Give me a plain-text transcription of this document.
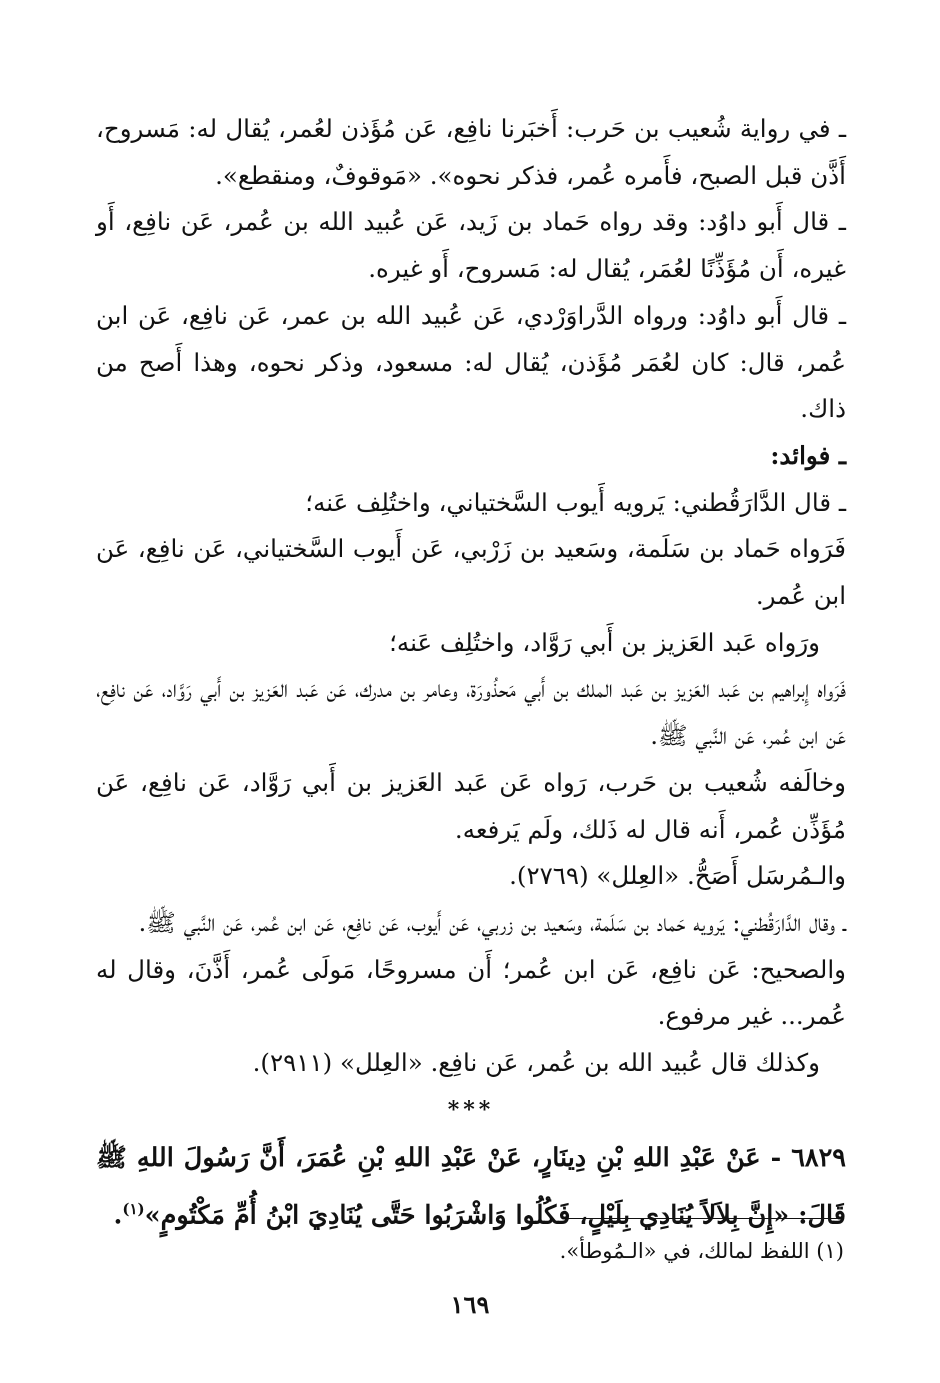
ـ في رواية شُعيب بن حَرب: أَخبَرنا نافِع، عَن مُؤَذن لعُمر، يُقال له: مَسروح، أَذَّن قبل الصبح، فأَمره عُمر، فذكر نحوه». «مَوقوفٌ، ومنقطع».

ـ قال أَبو داوُد: وقد رواه حَماد بن زَيد، عَن عُبيد الله بن عُمر، عَن نافِع، أَو غيره، أَن مُؤَذِّنًا لعُمَر، يُقال له: مَسروح، أَو غيره.

ـ قال أَبو داوُد: ورواه الدَّراوَرْدي، عَن عُبيد الله بن عمر، عَن نافِع، عَن ابن عُمر، قال: كان لعُمَر مُؤَذن، يُقال له: مسعود، وذكر نحوه، وهذا أَصح من ذاك.

ـ فوائد:

ـ قال الدَّارَقُطني: يَرويه أَيوب السَّختياني، واختُلِف عَنه؛

فَرَواه حَماد بن سَلَمة، وسَعيد بن زَرْبي، عَن أَيوب السَّختياني، عَن نافِع، عَن ابن عُمر.

ورَواه عَبد العَزيز بن أَبي رَوَّاد، واختُلِف عَنه؛

فَرَواه إِبراهيم بن عَبد العَزيز بن عَبد الملك بن أَبي مَحذُورَة، وعامر بن مدرك، عَن عَبد العَزيز بن أَبي رَوَّاد، عَن نافِع، عَن ابن عُمر، عَن النَّبي ﷺ.

وخالَفه شُعيب بن حَرب، رَواه عَن عَبد العَزيز بن أَبي رَوَّاد، عَن نافِع، عَن مُؤَذِّن عُمر، أَنه قال له ذَلك، ولَم يَرفعه.

والـمُرسَل أَصَحُّ. «العِلل» (٢٧٦٩).

ـ وقال الدَّارَقُطني: يَرويه حَماد بن سَلَمة، وسَعيد بن زربي، عَن أَيوب، عَن نافِع، عَن ابن عُمر، عَن النَّبي ﷺ.

والصحيح: عَن نافِع، عَن ابن عُمر؛ أَن مسروحًا، مَولَى عُمر، أَذَّنَ، وقال له عُمر... غير مرفوع.

وكذلك قال عُبيد الله بن عُمر، عَن نافِع. «العِلل» (٢٩١١).

***

٦٨٢٩ - عَنْ عَبْدِ اللهِ بْنِ دِينَارٍ، عَنْ عَبْدِ اللهِ بْنِ عُمَرَ، أَنَّ رَسُولَ اللهِ ﷺ قَالَ: «إِنَّ بِلاَلاً يُنَادِي بِلَيْلٍ، فَكُلُوا وَاشْرَبُوا حَتَّى يُنَادِيَ ابْنُ أُمِّ مَكْتُومٍ»$^{(١)}$.

(١) اللفظ لمالك، في «الـمُوطأ».
١٦٩
